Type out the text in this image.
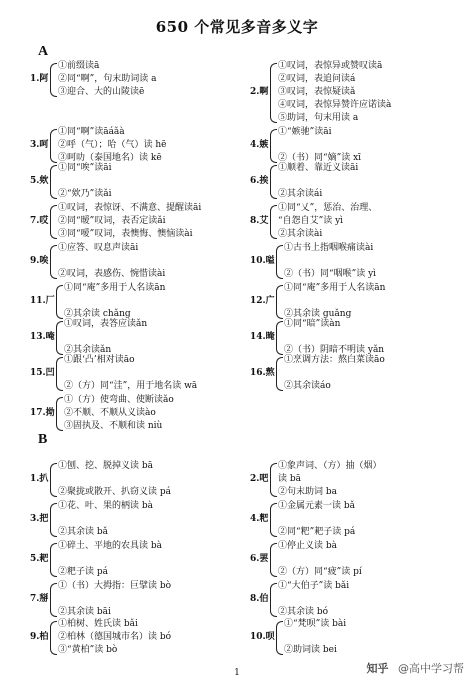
650 个常见多音多义字
A
1.阿
①前缀读ā
②同“啊”，句末助词读 a
③迎合、大的山陵读ē	2.啊
①叹词，表惊异或赞叹读ā
②叹词，表追问读á
③叹词，表惊疑读ǎ
④叹词，表惊异赞许应诺读à
⑤助词，句末用读 a
3.呵
①同“啊”读āáǎà
②呼（气）；哈（气）读 hē
③呵叻（泰国地名）读 kē
4.嫉
①“嫉驰”读āi
②（书）同“嫡”读 xī
5.欸
①同“唉”读āi
②“欸乃”读ǎi
6.挨
①顺着、靠近义读āi
②其余读ái
7.哎
①叹词，表惊讶、不满意、提醒读āi
②同“暧”叹词，表否定读ǎi
③同“嗳”叹词，表懊悔、懊恼读ài
8.艾
①同“乂”，惩治、治理、
“自怨自艾”读 yì
②其余读ài
9.唉
①应答、叹息声读āi
②叹词，表感伤、惋惜读ài
10.嗌
①古书上指咽喉痛读ài
②（书）同“咽喉”读 yì
11.厂
①同“庵”多用于人名读ān
②其余读 chǎng
12.广
①同“庵”多用于人名读ān
②其余读 guǎng
13.唵
①叹词，表答应读ǎn
②其余读ǎn
14.晻
①同“暗”读àn
②（书）阴暗不明读 yǎn
15.凹
①跟‘凸’相对读āo
②（方）同“洼”，用于地名读 wā
16.熬
①烹调方法：熬白菜读āo
②其余读áo
17.拗
①（方）使弯曲、使断读ǎo
②不顺、不顺从义读ào
③固执及、不顺和读 niù
B
1.扒
①刨、挖、脱掉义读 bā
②聚拢或散开、扒窃义读 pá
2.吧
①象声词、（方）抽（烟）
读 bā
②句末助词 ba
3.把
①花、叶、果的柄读 bà
②其余读 bǎ
4.粑
①金属元素一读 bǎ
②同“粑”耙子读 pá
5.耙
①碎土、平地的农具读 bà
②粑子读 pá
6.罢
①停止义读 bà
②（方）同“疲”读 pí
7.掰
①（书）大拇指：巨擘读 bò
②其余读 bāi
8.伯
①“大伯子”读 bǎi
②其余读 bó
9.柏
①柏树、姓氏读 bǎi
②柏林（德国城市名）读 bó
③“黄柏”读 bò
10.呗
①“梵呗”读 bài
②助词读 bei
1	知乎 @高中学习帮
